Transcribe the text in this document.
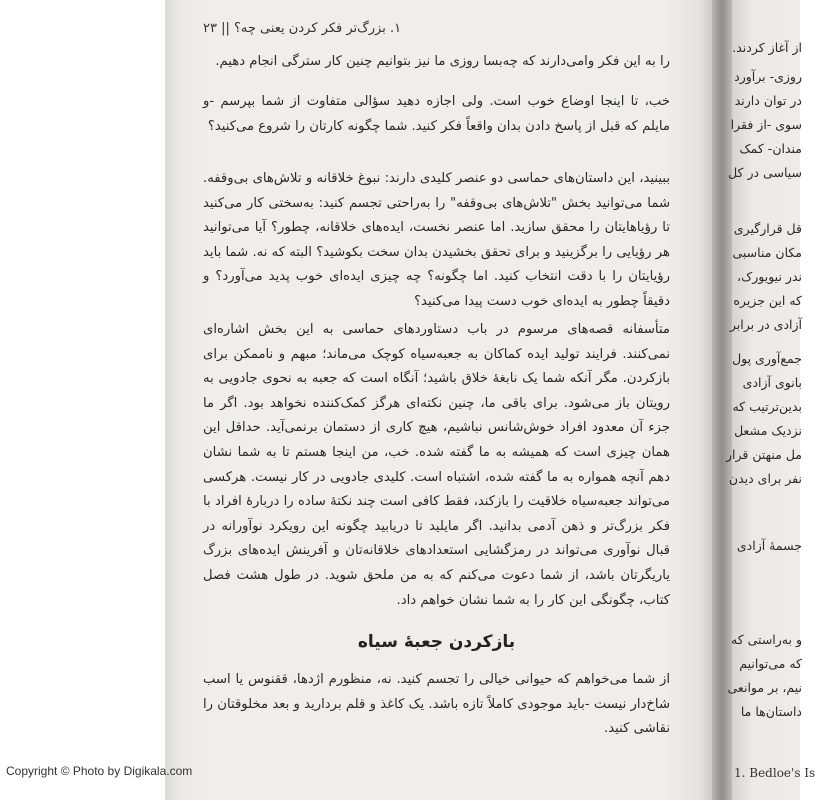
۱. بزرگ‌تر فکر کردن یعنی چه؟ || ۲۳

را به این فکر وامی‌دارند که چه‌بسا روزی ما نیز بتوانیم چنین کار سترگی انجام دهیم.

خب، تا اینجا اوضاع خوب است. ولی اجازه دهید سؤالی متفاوت از شما بپرسم -و مایلم که قبل از پاسخ دادن بدان واقعاً فکر کنید. شما چگونه کارتان را شروع می‌کنید؟

ببینید، این داستان‌های حماسی دو عنصر کلیدی دارند: نبوغ خلاقانه و تلاش‌های بی‌وقفه. شما می‌توانید بخش "تلاش‌های بی‌وقفه" را به‌راحتی تجسم کنید: به‌سختی کار می‌کنید تا رؤیاهایتان را محقق سازید. اما عنصر نخست، ایده‌های خلاقانه، چطور؟ آیا می‌توانید هر رؤیایی را برگزینید و برای تحقق بخشیدن بدان سخت بکوشید؟ البته که نه. شما باید رؤیایتان را با دقت انتخاب کنید. اما چگونه؟ چه چیزی ایده‌ای خوب پدید می‌آورد؟ و دقیقاً چطور به ایده‌ای خوب دست پیدا می‌کنید؟

متأسفانه قصه‌های مرسوم در باب دستاوردهای حماسی به این بخش اشاره‌ای نمی‌کنند. فرایند تولید ایده کماکان به جعبه‌سیاه کوچک می‌ماند؛ مبهم و ناممکن برای بازکردن. مگر آنکه شما یک نابغهٔ خلاق باشید؛ آنگاه است که جعبه به نحوی جادویی به رویتان باز می‌شود. برای باقی ما، چنین نکته‌ای هرگز کمک‌کننده نخواهد بود. اگر ما جزء آن معدود افراد خوش‌شانس نباشیم، هیچ کاری از دستمان برنمی‌آید. حداقل این همان چیزی است که همیشه به ما گفته شده. خب، من اینجا هستم تا به شما نشان دهم آنچه همواره به ما گفته شده، اشتباه است. کلیدی جادویی در کار نیست. هرکسی می‌تواند جعبه‌سیاه خلاقیت را بازکند، فقط کافی است چند نکتهٔ ساده را دربارهٔ افراد با فکر بزرگ‌تر و ذهن آدمی بدانید. اگر مایلید تا دریابید چگونه این رویکرد نوآورانه در قبال نوآوری می‌تواند در رمزگشایی استعدادهای خلاقانه‌تان و آفرینش ایده‌های بزرگ یاریگرتان باشد، از شما دعوت می‌کنم که به من ملحق شوید. در طول هشت فصل کتاب، چگونگی این کار را به شما نشان خواهم داد.

بازکردن جعبهٔ سیاه

از شما می‌خواهم که حیوانی خیالی را تجسم کنید. نه، منظورم اژدها، ققنوس یا اسب شاخ‌دار نیست -باید موجودی کاملاً تازه باشد. یک کاغذ و قلم بردارید و بعد مخلوقتان را نقاشی کنید.

از آغاز کردند.
روزی- برآورد
در توان دارند
سوی -از فقرا
مندان- کمک
سیاسی در کل
قل قرارگیری
مکان مناسبی
ندر نیویورک،
که این جزیره
آزادی در برابر
جمع‌آوری پول
بانوی آزادی
بدین‌ترتیب که
نزدیک مشعل
مل منهتن قرار
نفر برای دیدن
جسمهٔ آزادی
و به‌راستی که
که می‌توانیم
نیم، بر موانعی
داستان‌ها ما
1. Bedloe's Is
Copyright © Photo by Digikala.com
